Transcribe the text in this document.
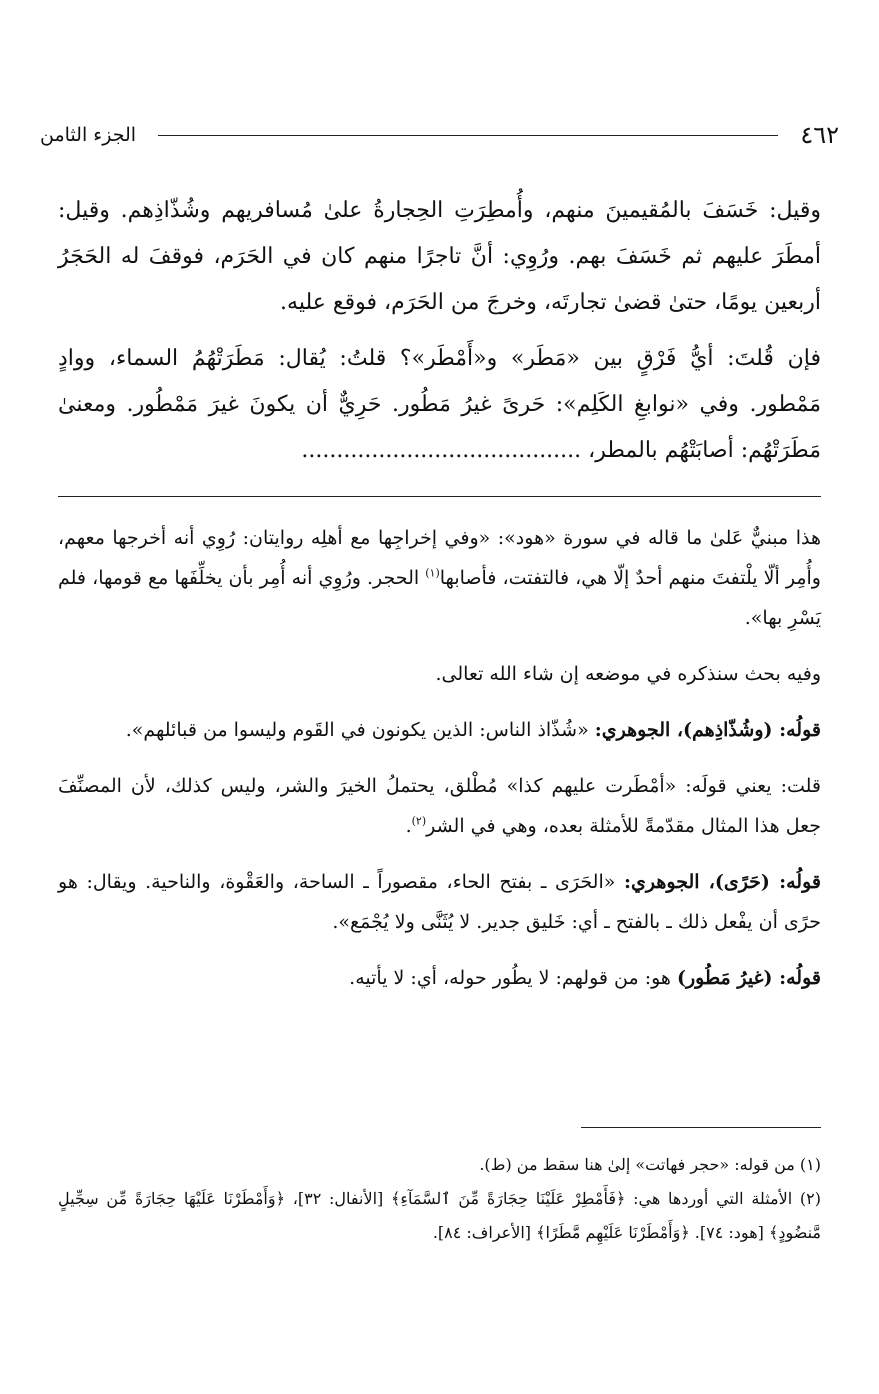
٤٦٢
الجزء الثامن

وقيل: خَسَفَ بالمُقيمينَ منهم، وأُمطِرَتِ الحِجارةُ علىٰ مُسافريهم وشُذّاذِهم. وقيل: أمطَرَ عليهم ثم خَسَفَ بهم. ورُوِي: أنَّ تاجرًا منهم كان في الحَرَم، فوقفَ له الحَجَرُ أربعين يومًا، حتىٰ قضىٰ تجارتَه، وخرجَ من الحَرَم، فوقع عليه.

فإن قُلتَ: أيُّ فَرْقٍ بين «مَطَر» و«أَمْطَر»؟ قلتُ: يُقال: مَطَرَتْهُمُ السماء، ووادٍ مَمْطور. وفي «نوابغِ الكَلِم»: حَرىً غيرُ مَطُور. حَرِيٌّ أن يكونَ غيرَ مَمْطُور. ومعنىٰ مَطَرَتْهُم: أصابَتْهُم بالمطر، ........................................

هذا مبنيٌّ عَلىٰ ما قاله في سورة «هود»: «وفي إخراجِها مع أهلِه روايتان: رُوِي أنه أخرجها معهم، وأُمِر ألّا يلْتفتَ منهم أحدٌ إلّا هي، فالتفتت، فأصابها$^{(١)}$ الحجر. ورُوِي أنه أُمِر بأن يخلِّفَها مع قومها، فلم يَسْرِ بها».

وفيه بحث سنذكره في موضعه إن شاء الله تعالى.

قولُه: (وشُذّاذِهم)، الجوهري: «شُذّاذ الناس: الذين يكونون في القَوم وليسوا من قبائلهم».

قلت: يعني قولَه: «أمْطَرت عليهم كذا» مُطْلق، يحتملُ الخيرَ والشر، وليس كذلك، لأن المصنِّفَ جعل هذا المثال مقدّمةً للأمثلة بعده، وهي في الشر$^{(٢)}$.

قولُه: (حَرًى)، الجوهري: «الحَرَى ـ بفتح الحاء، مقصوراً ـ الساحة، والعَقْوة، والناحية. ويقال: هو حرًى أن يفْعل ذلك ـ بالفتح ـ أي: خَليق جدير. لا يُثَنَّى ولا يُجْمَع».

قولُه: (غيرُ مَطُور) هو: من قولهم: لا يطُور حوله، أي: لا يأتيه.

(١) من قوله: «حجر فهاتت» إلىٰ هنا سقط من (ط).

(٢) الأمثلة التي أوردها هي: ﴿فَأَمْطِرْ عَلَيْنَا حِجَارَةً مِّنَ ٱلسَّمَآءِ﴾ [الأنفال: ٣٢]، ﴿وَأَمْطَرْنَا عَلَيْهَا حِجَارَةً مِّن سِجِّيلٍ مَّنضُودٍ﴾ [هود: ٧٤]. ﴿وَأَمْطَرْنَا عَلَيْهِم مَّطَرًا﴾ [الأعراف: ٨٤].
